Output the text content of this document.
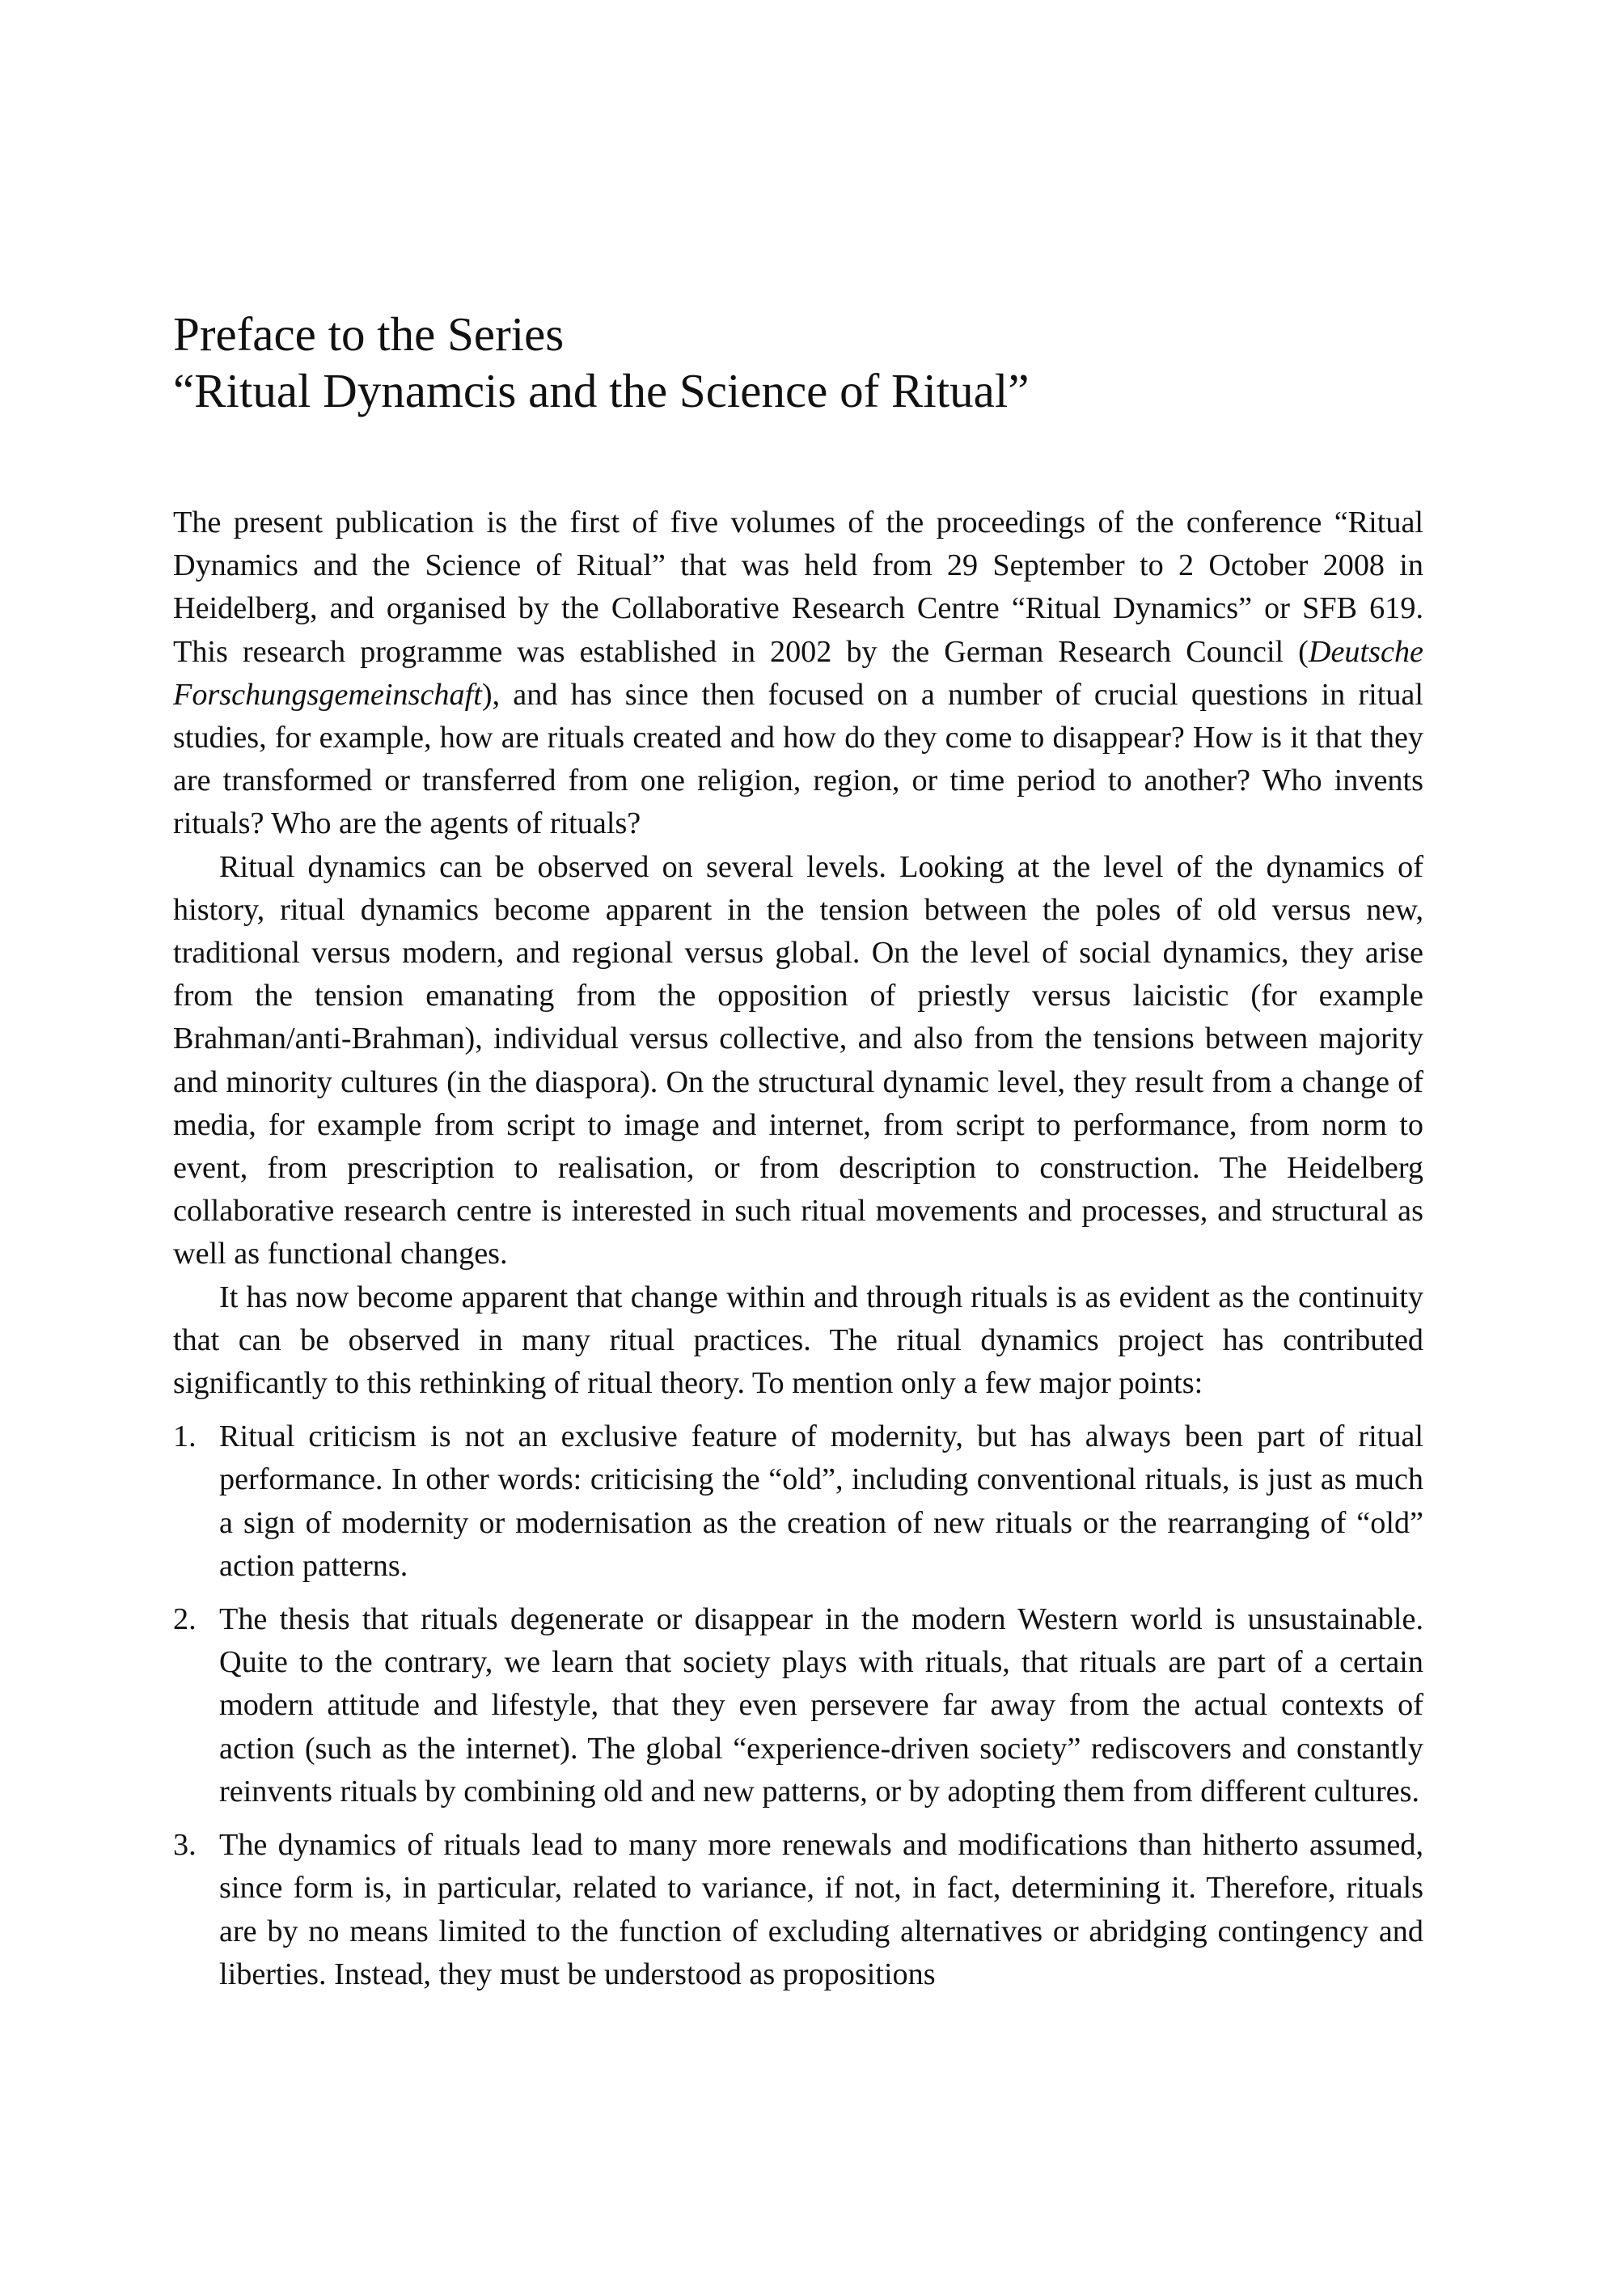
Preface to the Series
“Ritual Dynamcis and the Science of Ritual”

The present publication is the first of five volumes of the proceedings of the conference “Ritual Dynamics and the Science of Ritual” that was held from 29 September to 2 October 2008 in Heidelberg, and organised by the Collaborative Research Centre “Ritual Dynamics” or SFB 619. This research programme was established in 2002 by the German Research Council (Deutsche Forschungsgemeinschaft), and has since then focused on a number of crucial questions in ritual studies, for example, how are rituals created and how do they come to disappear? How is it that they are transformed or transferred from one religion, region, or time period to another? Who invents rituals? Who are the agents of rituals?

Ritual dynamics can be observed on several levels. Looking at the level of the dynamics of history, ritual dynamics become apparent in the tension between the poles of old versus new, traditional versus modern, and regional versus global. On the level of social dynamics, they arise from the tension emanating from the opposition of priestly versus laicistic (for example Brahman/anti-Brahman), individual versus collective, and also from the tensions between majority and minority cultures (in the diaspora). On the structural dynamic level, they result from a change of media, for example from script to image and internet, from script to performance, from norm to event, from prescription to realisation, or from description to construction. The Heidelberg collaborative research centre is interested in such ritual movements and processes, and structural as well as functional changes.

It has now become apparent that change within and through rituals is as evident as the continuity that can be observed in many ritual practices. The ritual dynamics project has contributed significantly to this rethinking of ritual theory. To mention only a few major points:

1. Ritual criticism is not an exclusive feature of modernity, but has always been part of ritual performance. In other words: criticising the “old”, including conventional rituals, is just as much a sign of modernity or modernisation as the creation of new rituals or the rearranging of “old” action patterns.
2. The thesis that rituals degenerate or disappear in the modern Western world is unsustainable. Quite to the contrary, we learn that society plays with rituals, that rituals are part of a certain modern attitude and lifestyle, that they even persevere far away from the actual contexts of action (such as the internet). The global “experience-driven society” rediscovers and constantly reinvents rituals by combining old and new patterns, or by adopting them from different cultures.
3. The dynamics of rituals lead to many more renewals and modifications than hitherto assumed, since form is, in particular, related to variance, if not, in fact, determining it. Therefore, rituals are by no means limited to the function of excluding alternatives or abridging contingency and liberties. Instead, they must be understood as propositions
